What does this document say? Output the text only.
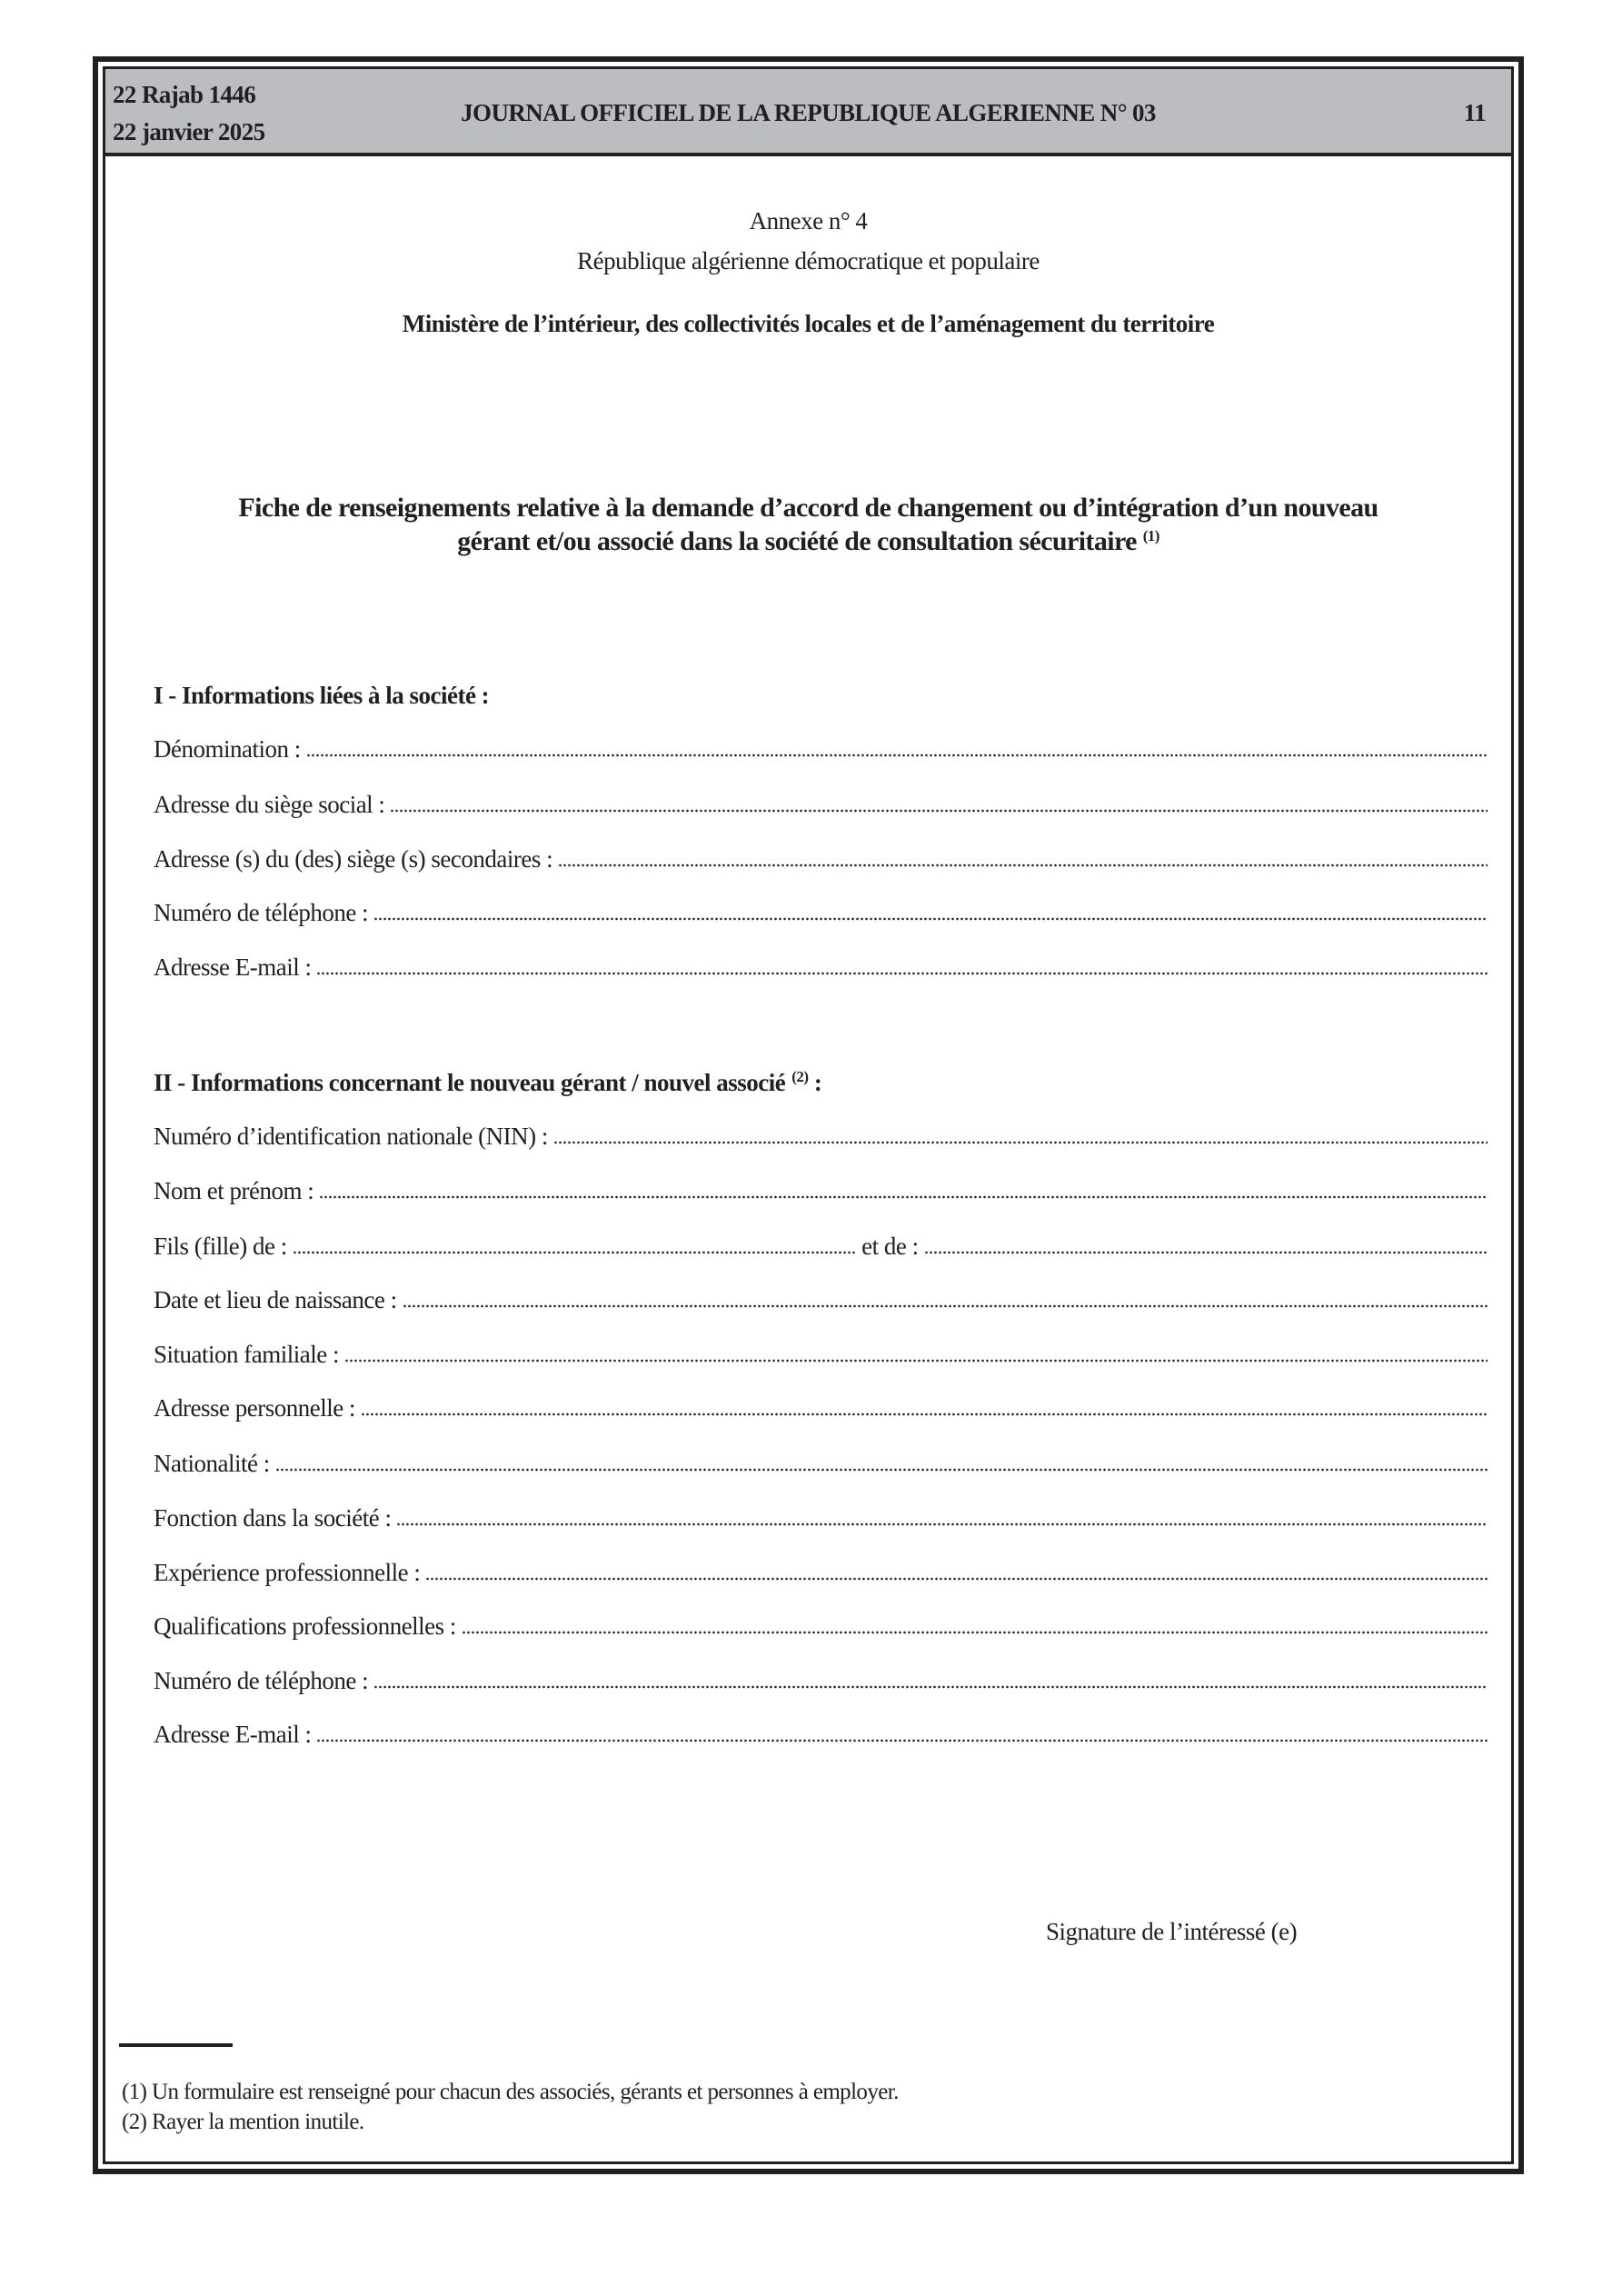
22 Rajab 1446
22 janvier 2025
JOURNAL OFFICIEL DE LA REPUBLIQUE ALGERIENNE N° 03	11
Annexe n° 4
République algérienne démocratique et populaire
Ministère de l’intérieur, des collectivités locales et de l’aménagement du territoire
Fiche de renseignements relative à la demande d’accord de changement ou d’intégration d’un nouveau
gérant et/ou associé dans la société de consultation sécuritaire $^{(1)}$
I - Informations liées à la société :
Dénomination :
Adresse du siège social :
Adresse (s) du (des) siège (s) secondaires :
Numéro de téléphone :
Adresse E-mail :
II - Informations concernant le nouveau gérant / nouvel associé $^{(2)}$ :
Numéro d’identification nationale (NIN) :
Nom et prénom :
Fils (fille) de :	et de :
Date et lieu de naissance :
Situation familiale :
Adresse personnelle :
Nationalité :
Fonction dans la société :
Expérience professionnelle :
Qualifications professionnelles :
Numéro de téléphone :
Adresse E-mail :
Signature de l’intéressé (e)
(1) Un formulaire est renseigné pour chacun des associés, gérants et personnes à employer.
(2) Rayer la mention inutile.
